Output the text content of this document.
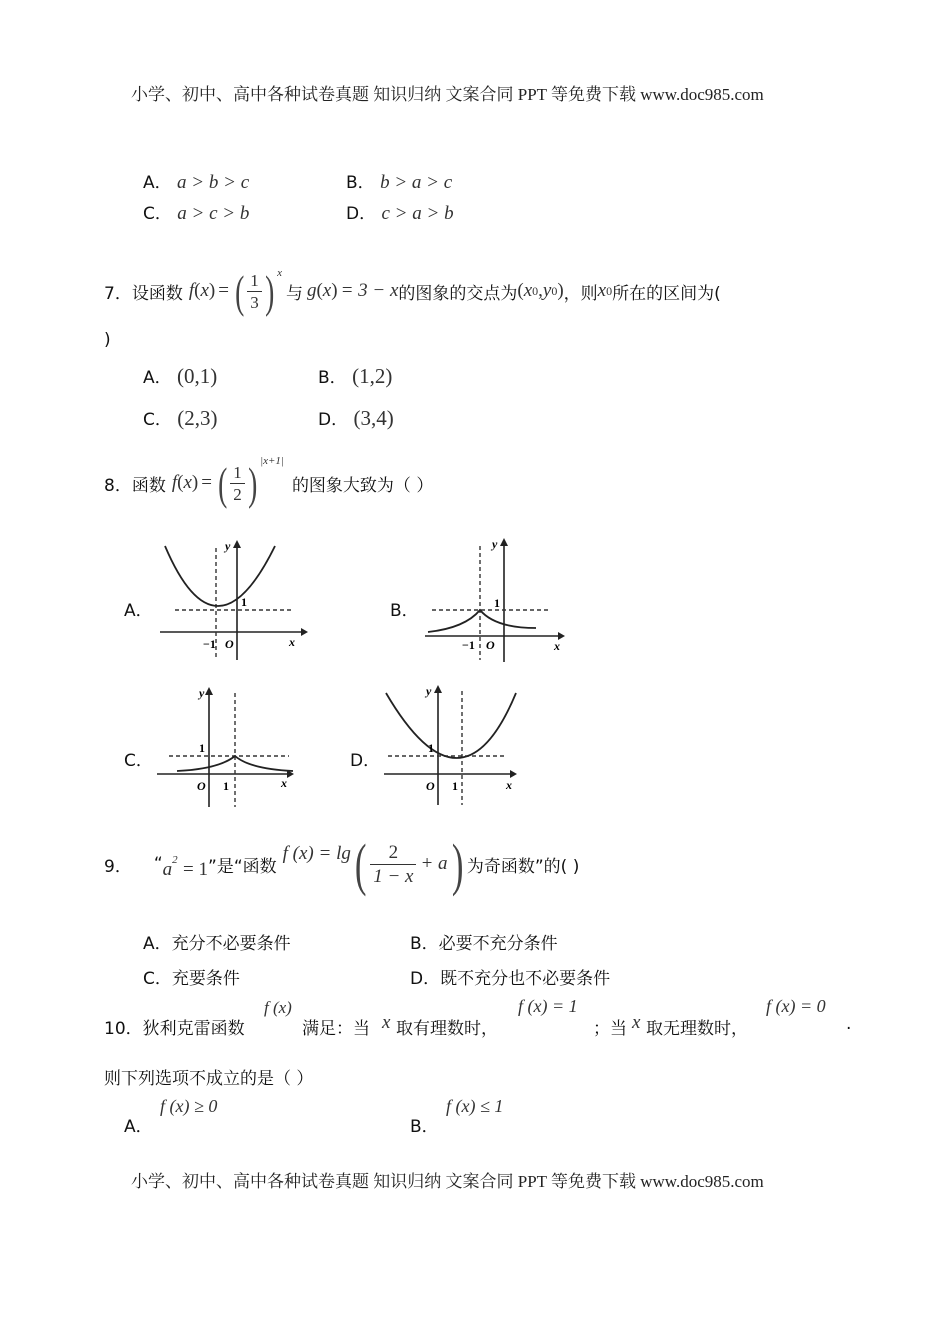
小学、初中、高中各种试卷真题 知识归纳 文案合同 PPT 等免费下载 www.doc985.com
A． a > b > c	B． b > a > c
C． a > c > b	D． c > a > b
7．设函数 f ( x ) = ( $\frac{1}{3}$ ) x
与 g ( x ) = 3 − x 的图象的交点为 ( x 0 , y 0 ) ，则 x 0 所在的区间为(
)
A． (0,1)	B． (1,2)
C． (2,3)	D． (3,4)
8．函数 f ( x ) = ( $\frac{1}{2}$ ) |x+1|
的图象大致为（ ）
A．
y
1
−1 O	x
B．
y
1
−1 O	x
C．
y
1
O 1	x
D．
y
1
O 1	x
9． “ $a^2 = 1$ ”是“函数
f (x) = lg ( $\frac{2}{1 - x} + a$ ) 为奇函数”的( )
A．充分不必要条件	B．必要不充分条件
C．充要条件	D．既不充分也不必要条件
10．狄利克雷函数
f (x)
满足：当 x 取有理数时，
f (x) = 1
；当 x 取无理数时，
f (x) = 0
.
则下列选项不成立的是（ ）
A．
f (x) ≥ 0
B．
f (x) ≤ 1
小学、初中、高中各种试卷真题 知识归纳 文案合同 PPT 等免费下载 www.doc985.com
